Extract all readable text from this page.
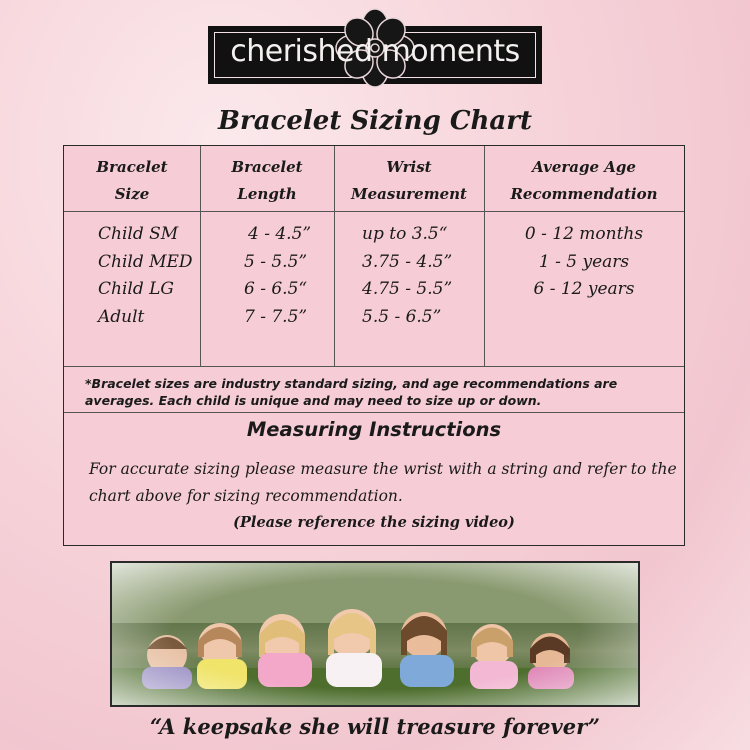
cherished moments
Bracelet Sizing Chart
Bracelet
Size
Bracelet
Length
Wrist
Measurement
Average Age
Recommendation
Child SM
Child MED
Child LG
Adult
4 - 4.5”
5 - 5.5”
6 - 6.5“
7 - 7.5”
up to 3.5“
3.75 - 4.5”
4.75 - 5.5”
5.5 - 6.5”
0 - 12 months
1 - 5 years
6 - 12 years
*Bracelet sizes are industry standard sizing, and age recommendations are averages. Each child is unique and may need to size up or down.
Measuring Instructions
For accurate sizing please measure the wrist with a string and refer to the chart above for sizing recommendation.
(Please reference the sizing video)
“A keepsake she will treasure forever”
